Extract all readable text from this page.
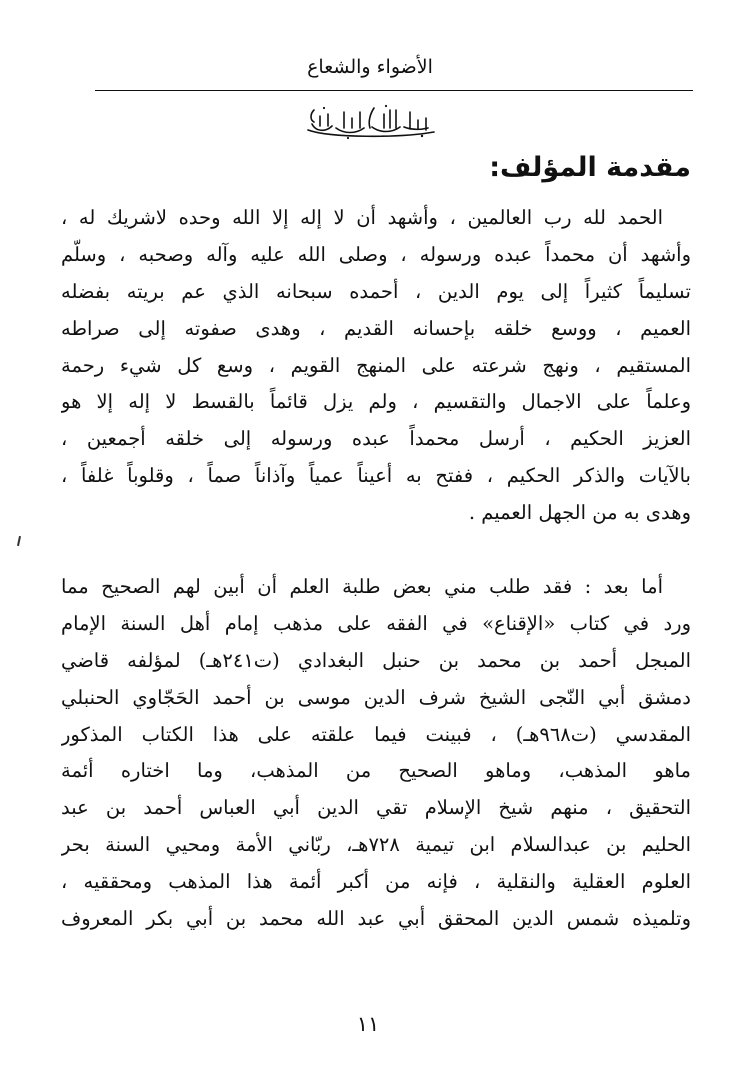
الأضواء والشعاع
بسم الله الرحمن الرحيم
مقدمة المؤلف:
الحمد لله رب العالمين ، وأشهد أن لا إله إلا الله وحده لاشريك له ،
وأشهد أن محمداً عبده ورسوله ، وصلى الله عليه وآله وصحبه ، وسلّم
تسليماً كثيراً إلى يوم الدين ، أحمده سبحانه الذي عم بريته بفضله
العميم ، ووسع خلقه بإحسانه القديم ، وهدى صفوته إلى صراطه
المستقيم ، ونهج شرعته على المنهج القويم ، وسع كل شيء رحمة
وعلماً على الاجمال والتقسيم ، ولم يزل قائماً بالقسط لا إله إلا هو
العزيز الحكيم ، أرسل محمداً عبده ورسوله إلى خلقه أجمعين ،
بالآيات والذكر الحكيم ، ففتح به أعيناً عمياً وآذاناً صماً ، وقلوباً غلفاً ،
وهدى به من الجهل العميم .
أما بعد : فقد طلب مني بعض طلبة العلم أن أبين لهم الصحيح مما
ورد في كتاب «الإقناع» في الفقه على مذهب إمام أهل السنة الإمام
المبجل أحمد بن محمد بن حنبل البغدادي (ت٢٤١هـ) لمؤلفه قاضي
دمشق أبي النّجى الشيخ شرف الدين موسى بن أحمد الحَجّاوي الحنبلي
المقدسي (ت٩٦٨هـ) ، فبينت فيما علقته على هذا الكتاب المذكور
ماهو المذهب، وماهو الصحيح من المذهب، وما اختاره أئمة
التحقيق ، منهم شيخ الإسلام تقي الدين أبي العباس أحمد بن عبد
الحليم بن عبدالسلام ابن تيمية ٧٢٨هـ، ربّاني الأمة ومحيي السنة بحر
العلوم العقلية والنقلية ، فإنه من أكبر أئمة هذا المذهب ومحققيه ،
وتلميذه شمس الدين المحقق أبي عبد الله محمد بن أبي بكر المعروف
١١
